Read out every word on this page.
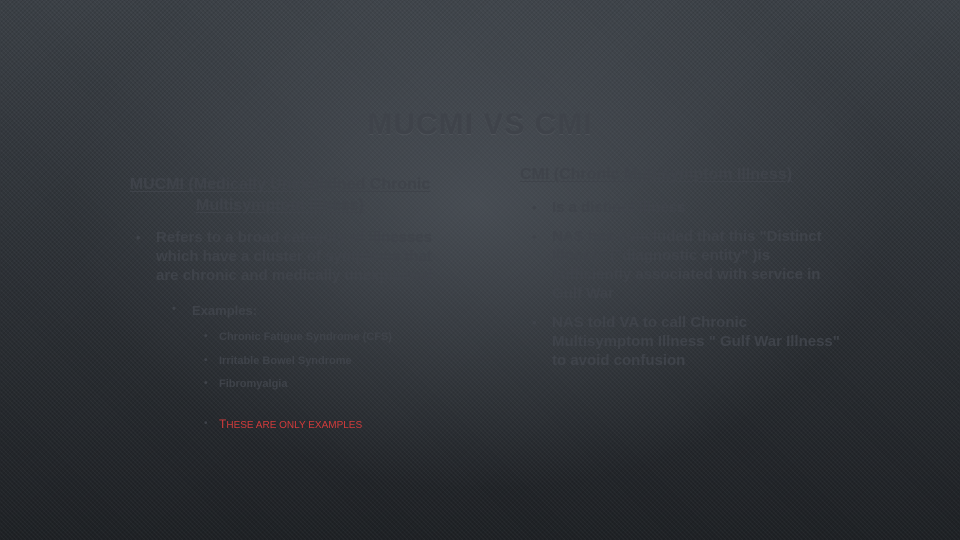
MUCMI VS CMI
MUCMI (Medically Unexplained Chronic
Multisymptom Illness)
• Refers to a broad category of illnesses which have a cluster of symptoms that are chronic and medically unexplained
• Examples:
• Chronic Fatigue Syndrome (CFS)
• Irritable Bowel Syndrome
• Fibromyalgia
• THESE ARE ONLY EXAMPLES
CMI (Chronic Multisymptom Illness)
• Is a distinct illness
• NAS has concluded that this "Distinct Illness" ("diagnostic entity" )is sufficiently associated with service in Gulf War
• NAS told VA to call Chronic Multisymptom Illness " Gulf War Illness" to avoid confusion
